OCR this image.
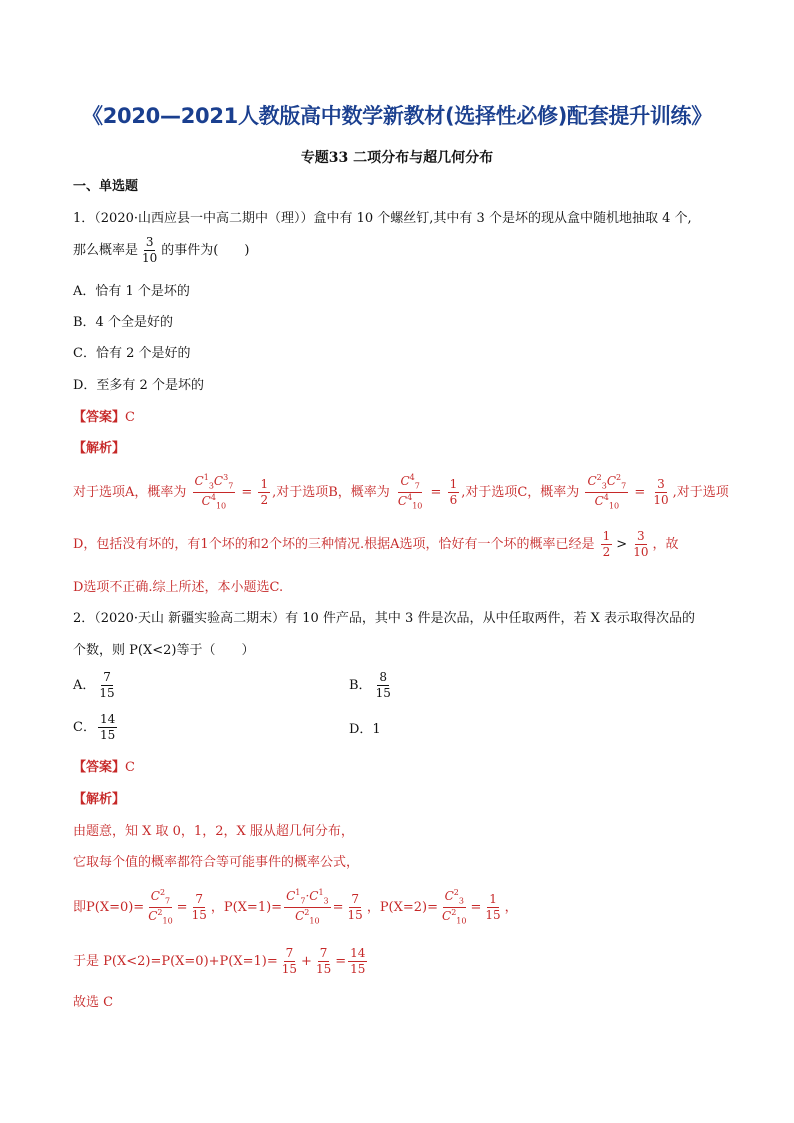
《2020—2021人教版高中数学新教材(选择性必修)配套提升训练》
专题33 二项分布与超几何分布
一、单选题
1．（2020·山西应县一中高二期中（理））盒中有 10 个螺丝钉,其中有 3 个是坏的现从盒中随机地抽取 4 个,
那么概率是 $\frac{3}{10}$ 的事件为(　　)
A．恰有 1 个是坏的
B．4 个全是好的
C．恰有 2 个是好的
D．至多有 2 个是坏的
【答案】C
【解析】
对于选项A，概率为 $\frac{C^1_3C^3_7}{C^4_{10}} = \frac{1}{2}$ ,对于选项B，概率为 $\frac{C^4_7}{C^4_{10}} = \frac{1}{6}$ ,对于选项C，概率为 $\frac{C^2_3C^2_7}{C^4_{10}} = \frac{3}{10}$ ,对于选项
D，包括没有坏的，有1个坏的和2个坏的三种情况.根据A选项，恰好有一个坏的概率已经是 $\frac{1}{2} > \frac{3}{10}$ ，故
D选项不正确.综上所述，本小题选C.
2．（2020·天山 新疆实验高二期末）有 10 件产品，其中 3 件是次品，从中任取两件，若 X 表示取得次品的
个数，则 P(X<2)等于（　　）
A． $\frac{7}{15}$	B． $\frac{8}{15}$
C． $\frac{14}{15}$	D．1
【答案】C
【解析】
由题意，知 X 取 0，1，2，X 服从超几何分布，
它取每个值的概率都符合等可能事件的概率公式，
即$P(X=0)= \frac{C^2_7}{C^2_{10}} = \frac{7}{15}$ ，$P(X=1)= \frac{C^1_7\cdot C^1_3}{C^2_{10}} = \frac{7}{15}$ ，$P(X=2)= \frac{C^2_3}{C^2_{10}} = \frac{1}{15}$ ，
于是 $P(X<2)=P(X=0)+P(X=1)= \frac{7}{15} + \frac{7}{15} = \frac{14}{15}$
故选 C
